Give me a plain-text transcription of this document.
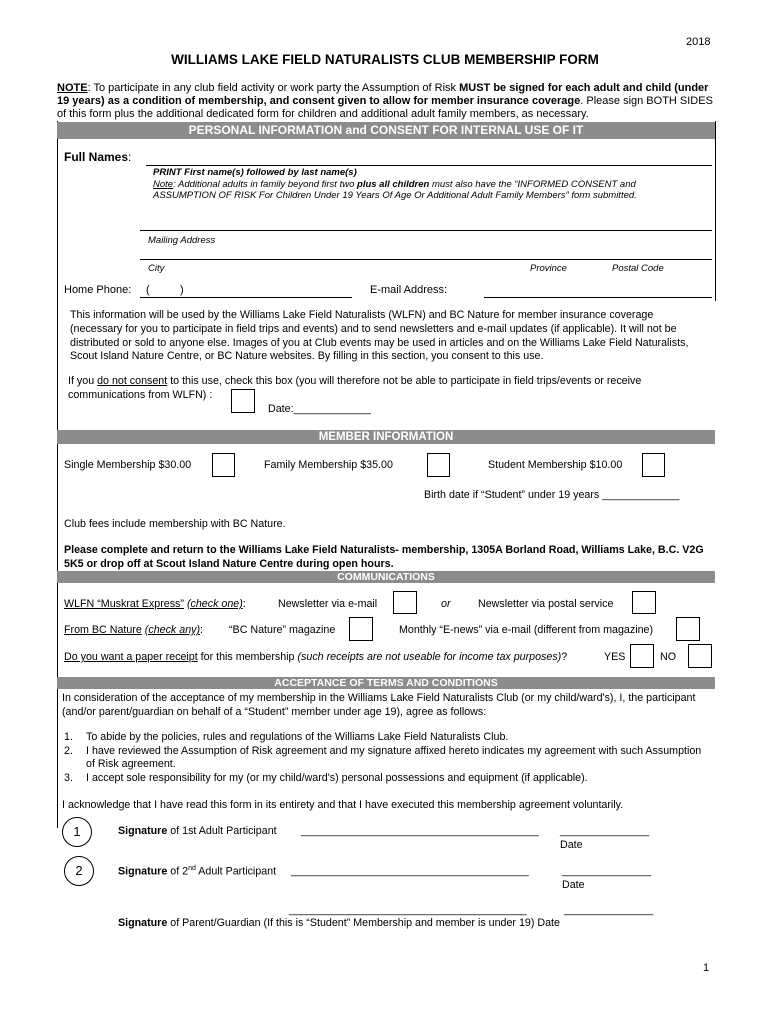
2018
WILLIAMS LAKE FIELD NATURALISTS CLUB MEMBERSHIP FORM
NOTE: To participate in any club field activity or work party the Assumption of Risk MUST be signed for each adult and child (under 19 years) as a condition of membership, and consent given to allow for member insurance coverage. Please sign BOTH SIDES of this form plus the additional dedicated form for children and additional adult family members, as necessary.
PERSONAL INFORMATION and CONSENT FOR INTERNAL USE OF IT
Full Names:
PRINT First name(s) followed by last name(s)
Note: Additional adults in family beyond first two plus all children must also have the “INFORMED CONSENT and ASSUMPTION OF RISK For Children Under 19 Years Of Age Or Additional Adult Family Members” form submitted.
Mailing Address
City	Province	Postal Code
Home Phone: (	)	E-mail Address:
This information will be used by the Williams Lake Field Naturalists (WLFN) and BC Nature for member insurance coverage (necessary for you to participate in field trips and events) and to send newsletters and e-mail updates (if applicable). It will not be distributed or sold to anyone else. Images of you at Club events may be used in articles and on the Williams Lake Field Naturalists, Scout Island Nature Centre, or BC Nature websites. By filling in this section, you consent to this use.
If you do not consent to this use, check this box (you will therefore not be able to participate in field trips/events or receive communications from WLFN) :
Date:_____________
MEMBER INFORMATION
Single Membership $30.00	Family Membership $35.00	Student Membership $10.00
Birth date if “Student” under 19 years _____________
Club fees include membership with BC Nature.
Please complete and return to the Williams Lake Field Naturalists- membership, 1305A Borland Road, Williams Lake, B.C. V2G 5K5 or drop off at Scout Island Nature Centre during open hours.
COMMUNICATIONS
WLFN “Muskrat Express” (check one):	Newsletter via e-mail	or	Newsletter via postal service
From BC Nature (check any): “BC Nature” magazine	Monthly “E-news” via e-mail (different from magazine)
Do you want a paper receipt for this membership (such receipts are not useable for income tax purposes)?	YES	NO
ACCEPTANCE OF TERMS AND CONDITIONS
In consideration of the acceptance of my membership in the Williams Lake Field Naturalists Club (or my child/ward's), I, the participant (and/or parent/guardian on behalf of a “Student” member under age 19), agree as follows:
1.	To abide by the policies, rules and regulations of the Williams Lake Field Naturalists Club.
2.	I have reviewed the Assumption of Risk agreement and my signature affixed hereto indicates my agreement with such Assumption of Risk agreement.
3.	I accept sole responsibility for my (or my child/ward's) personal possessions and equipment (if applicable).
I acknowledge that I have read this form in its entirety and that I have executed this membership agreement voluntarily.
1	Signature of 1st Adult Participant ________________________________________ _______________
Date
2	Signature of 2nd Adult Participant ________________________________________	_______________
Date
________________________________________	_______________
Signature of Parent/Guardian (If this is “Student” Membership and member is under 19) Date
1
